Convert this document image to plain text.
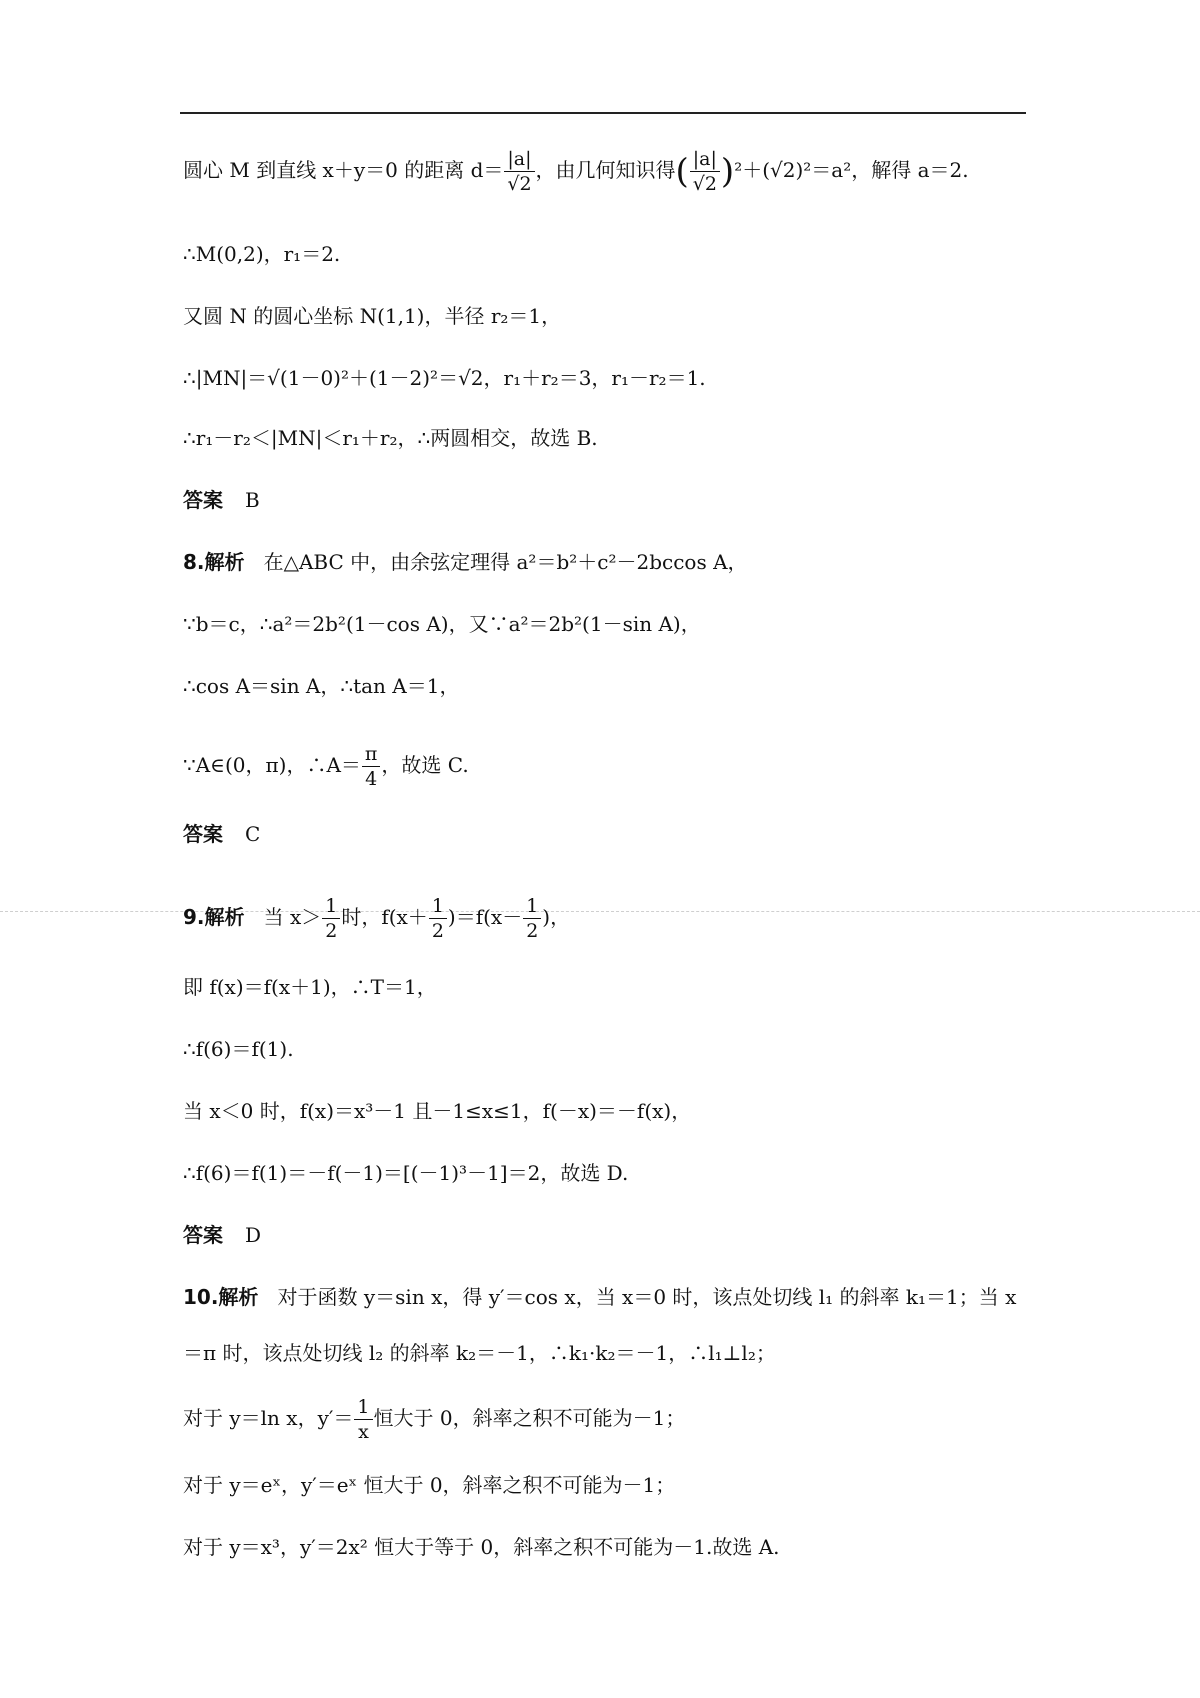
圆心 M 到直线 x＋y＝0 的距离 $d= \frac{|a|}{√2}$ ，由几何知识得( $\frac{|a|}{√2} )^2+(√2)^2=a^2$，解得 a＝2.
∴M(0,2)，r₁＝2.
又圆 N 的圆心坐标 N(1,1)，半径 r₂＝1，
∴|MN|＝√(1－0)²＋(1－2)²＝√2，r₁＋r₂＝3，r₁－r₂＝1.
∴r₁－r₂＜|MN|＜r₁＋r₂，∴两圆相交，故选 B.
答案 B
8.解析 在△ABC 中，由余弦定理得 a²＝b²＋c²－2bccos A，
∵b＝c，∴a²＝2b²(1－cos A)，又∵a²＝2b²(1－sin A)，
∴cos A＝sin A，∴tan A＝1，
∵A∈(0，π)，∴A＝ $\frac{\pi}{4}$ ，故选 C.
答案 C
9.解析 当 $x> \frac{1}{2}$ 时，$f(x+ \frac{1}{2} )=f(x- \frac{1}{2}$ )，
即 f(x)＝f(x＋1)，∴T＝1，
∴f(6)＝f(1).
当 x＜0 时，f(x)＝x³－1 且－1≤x≤1，f(－x)＝－f(x)，
∴f(6)＝f(1)＝－f(－1)＝[(－1)³－1]＝2，故选 D.
答案 D
10.解析 对于函数 y＝sin x，得 y′＝cos x，当 x＝0 时，该点处切线 l₁ 的斜率 k₁＝1；当 x＝π 时，该点处切线 l₂ 的斜率 k₂＝－1，∴k₁·k₂＝－1，∴l₁⊥l₂；
对于 y＝ln x，$y'= \frac{1}{x}$ 恒大于 0，斜率之积不可能为－1；
对于 y＝eˣ，y′＝eˣ 恒大于 0，斜率之积不可能为－1；
对于 y＝x³，y′＝2x² 恒大于等于 0，斜率之积不可能为－1.故选 A.
